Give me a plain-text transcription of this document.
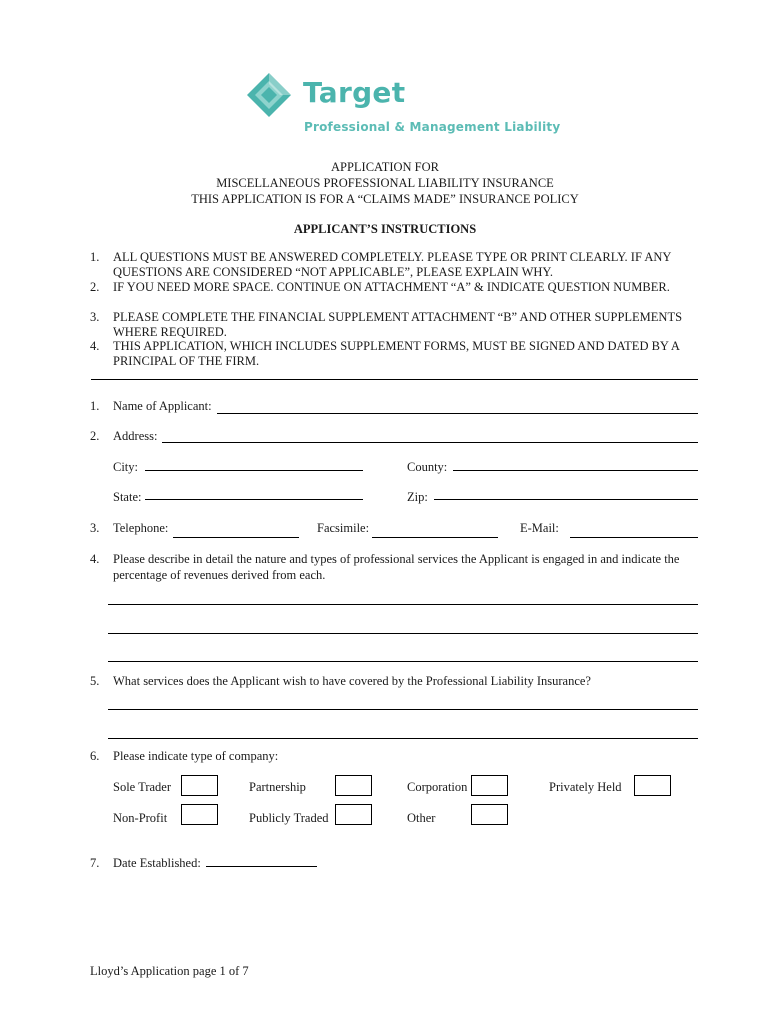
Target
Professional & Management Liability
APPLICATION FOR
MISCELLANEOUS PROFESSIONAL LIABILITY INSURANCE
THIS APPLICATION IS FOR A “CLAIMS MADE” INSURANCE POLICY
APPLICANT’S INSTRUCTIONS
1. ALL QUESTIONS MUST BE ANSWERED COMPLETELY. PLEASE TYPE OR PRINT CLEARLY. IF ANY QUESTIONS ARE CONSIDERED “NOT APPLICABLE”, PLEASE EXPLAIN WHY.
2. IF YOU NEED MORE SPACE. CONTINUE ON ATTACHMENT “A” & INDICATE QUESTION NUMBER.
3. PLEASE COMPLETE THE FINANCIAL SUPPLEMENT ATTACHMENT “B” AND OTHER SUPPLEMENTS WHERE REQUIRED.
4. THIS APPLICATION, WHICH INCLUDES SUPPLEMENT FORMS, MUST BE SIGNED AND DATED BY A PRINCIPAL OF THE FIRM.
1. Name of Applicant:
2. Address:
City:	County:
State:	Zip:
3. Telephone:	Facsimile:	E-Mail:
4. Please describe in detail the nature and types of professional services the Applicant is engaged in and indicate the percentage of revenues derived from each.
5. What services does the Applicant wish to have covered by the Professional Liability Insurance?
6. Please indicate type of company:
Sole Trader	Partnership	Corporation	Privately Held
Non-Profit	Publicly Traded	Other
7. Date Established:
Lloyd’s Application page 1 of 7
